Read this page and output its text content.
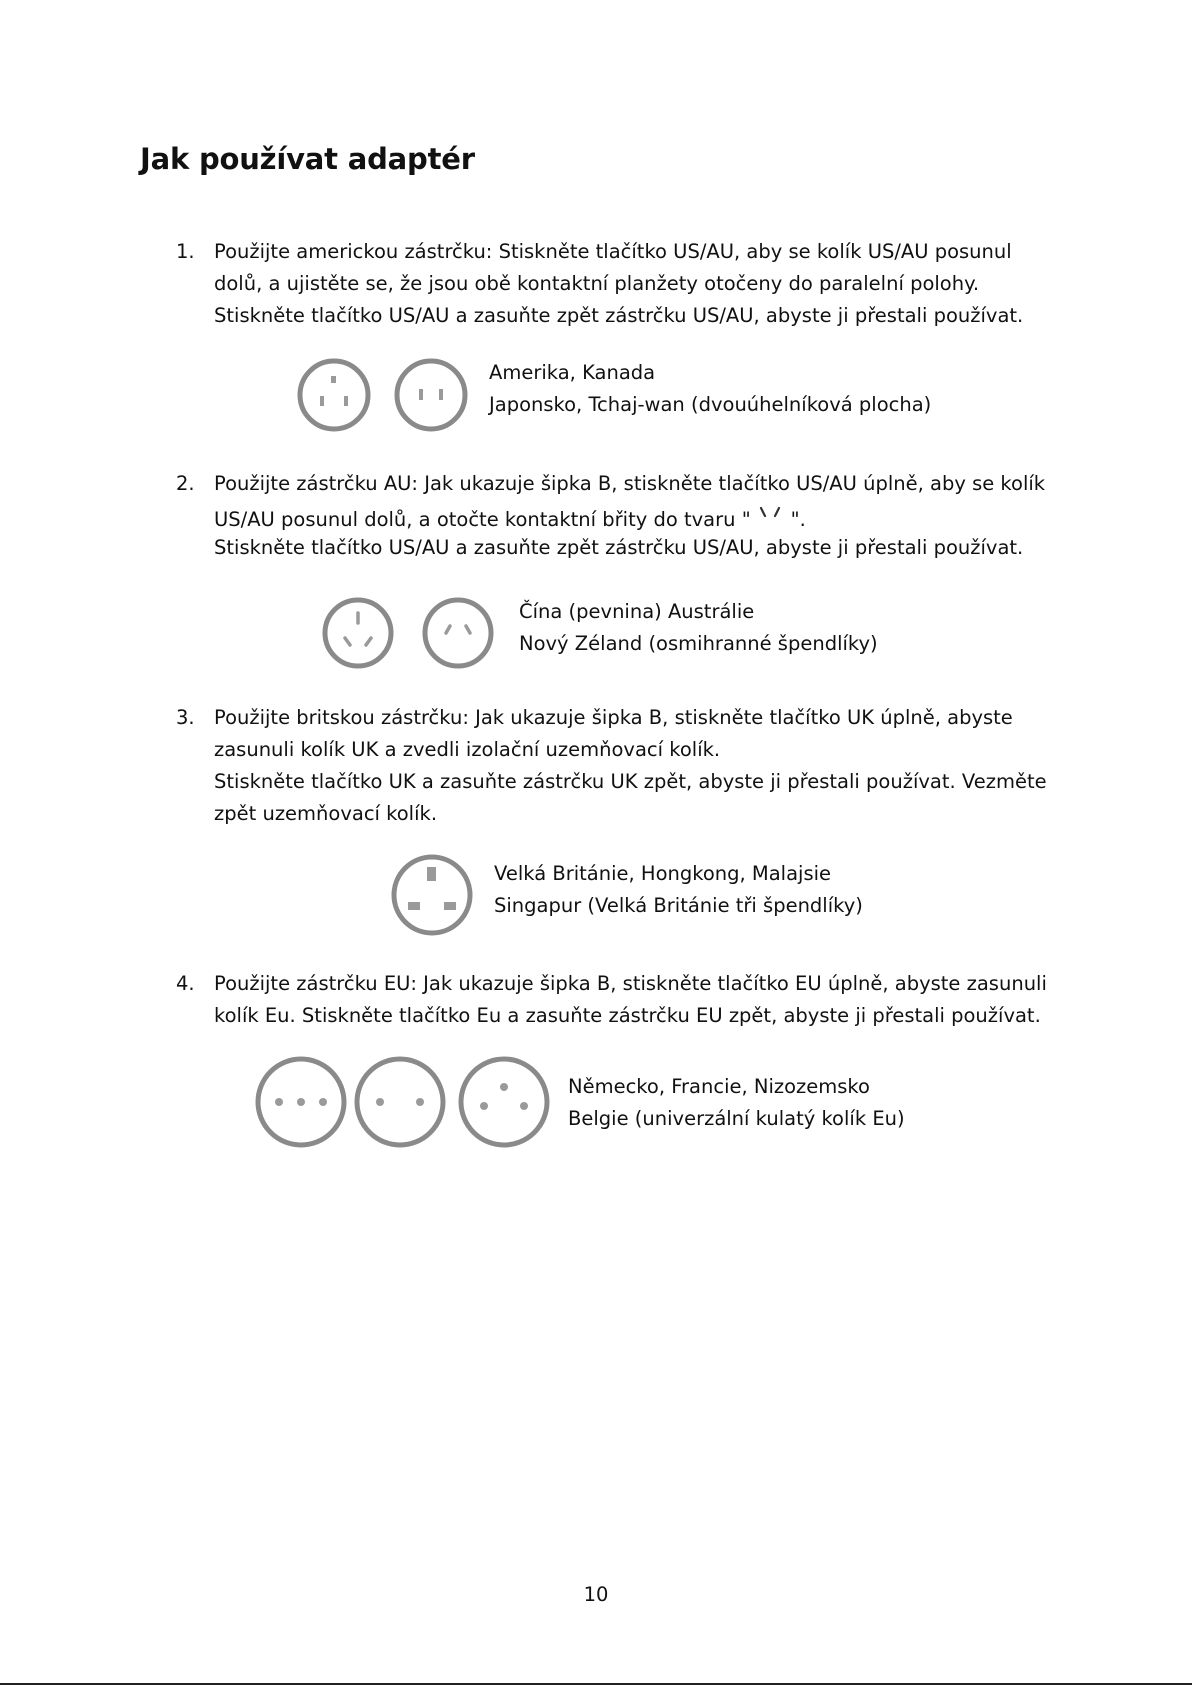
Jak používat adaptér
1. Použijte americkou zástrčku: Stiskněte tlačítko US/AU, aby se kolík US/AU posunul
dolů, a ujistěte se, že jsou obě kontaktní planžety otočeny do paralelní polohy.
Stiskněte tlačítko US/AU a zasuňte zpět zástrčku US/AU, abyste ji přestali používat.
Amerika, Kanada
Japonsko, Tchaj-wan (dvouúhelníková plocha)
2. Použijte zástrčku AU: Jak ukazuje šipka B, stiskněte tlačítko US/AU úplně, aby se kolík
US/AU posunul dolů, a otočte kontaktní břity do tvaru " ".
Stiskněte tlačítko US/AU a zasuňte zpět zástrčku US/AU, abyste ji přestali používat.
Čína (pevnina) Austrálie
Nový Zéland (osmihranné špendlíky)
3. Použijte britskou zástrčku: Jak ukazuje šipka B, stiskněte tlačítko UK úplně, abyste
zasunuli kolík UK a zvedli izolační uzemňovací kolík.
Stiskněte tlačítko UK a zasuňte zástrčku UK zpět, abyste ji přestali používat. Vezměte
zpět uzemňovací kolík.
Velká Británie, Hongkong, Malajsie
Singapur (Velká Británie tři špendlíky)
4. Použijte zástrčku EU: Jak ukazuje šipka B, stiskněte tlačítko EU úplně, abyste zasunuli
kolík Eu. Stiskněte tlačítko Eu a zasuňte zástrčku EU zpět, abyste ji přestali používat.
Německo, Francie, Nizozemsko
Belgie (univerzální kulatý kolík Eu)
10
